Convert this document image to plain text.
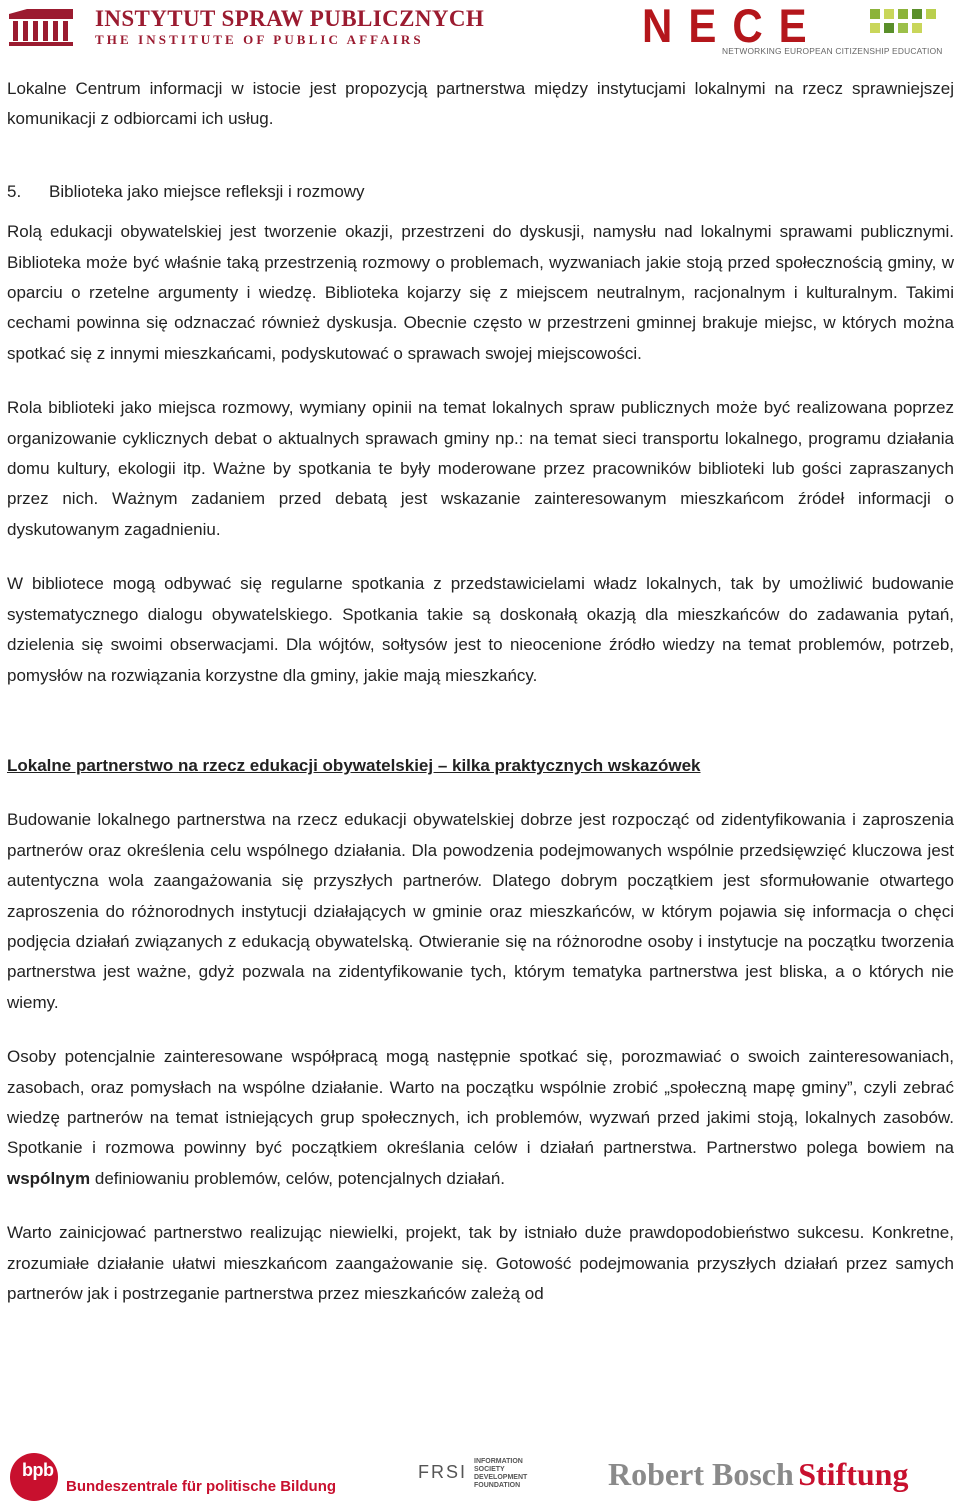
INSTYTUT SPRAW PUBLICZNYCH
THE INSTITUTE OF PUBLIC AFFAIRS	NECE	★
NETWORKING EUROPEAN CITIZENSHIP EDUCATION

Lokalne Centrum informacji w istocie jest propozycją partnerstwa między instytucjami lokalnymi na rzecz sprawniejszej komunikacji z odbiorcami ich usług.

5. Biblioteka jako miejsce refleksji i rozmowy

Rolą edukacji obywatelskiej jest tworzenie okazji, przestrzeni do dyskusji, namysłu nad lokalnymi sprawami publicznymi. Biblioteka może być właśnie taką przestrzenią rozmowy o problemach, wyzwaniach jakie stoją przed społecznością gminy, w oparciu o rzetelne argumenty i wiedzę. Biblioteka kojarzy się z miejscem neutralnym, racjonalnym i kulturalnym. Takimi cechami powinna się odznaczać również dyskusja. Obecnie często w przestrzeni gminnej brakuje miejsc, w których można spotkać się z innymi mieszkańcami, podyskutować o sprawach swojej miejscowości.

Rola biblioteki jako miejsca rozmowy, wymiany opinii na temat lokalnych spraw publicznych może być realizowana poprzez organizowanie cyklicznych debat o aktualnych sprawach gminy np.: na temat sieci transportu lokalnego, programu działania domu kultury, ekologii itp. Ważne by spotkania te były moderowane przez pracowników biblioteki lub gości zapraszanych przez nich. Ważnym zadaniem przed debatą jest wskazanie zainteresowanym mieszkańcom źródeł informacji o dyskutowanym zagadnieniu.

W bibliotece mogą odbywać się regularne spotkania z przedstawicielami władz lokalnych, tak by umożliwić budowanie systematycznego dialogu obywatelskiego. Spotkania takie są doskonałą okazją dla mieszkańców do zadawania pytań, dzielenia się swoimi obserwacjami. Dla wójtów, sołtysów jest to nieocenione źródło wiedzy na temat problemów, potrzeb, pomysłów na rozwiązania korzystne dla gminy, jakie mają mieszkańcy.

Lokalne partnerstwo na rzecz edukacji obywatelskiej – kilka praktycznych wskazówek

Budowanie lokalnego partnerstwa na rzecz edukacji obywatelskiej dobrze jest rozpocząć od zidentyfikowania i zaproszenia partnerów oraz określenia celu wspólnego działania. Dla powodzenia podejmowanych wspólnie przedsięwzięć kluczowa jest autentyczna wola zaangażowania się przyszłych partnerów. Dlatego dobrym początkiem jest sformułowanie otwartego zaproszenia do różnorodnych instytucji działających w gminie oraz mieszkańców, w którym pojawia się informacja o chęci podjęcia działań związanych z edukacją obywatelską. Otwieranie się na różnorodne osoby i instytucje na początku tworzenia partnerstwa jest ważne, gdyż pozwala na zidentyfikowanie tych, którym tematyka partnerstwa jest bliska, a o których nie wiemy.

Osoby potencjalnie zainteresowane współpracą mogą następnie spotkać się, porozmawiać o swoich zainteresowaniach, zasobach, oraz pomysłach na wspólne działanie. Warto na początku wspólnie zrobić „społeczną mapę gminy”, czyli zebrać wiedzę partnerów na temat istniejących grup społecznych, ich problemów, wyzwań przed jakimi stoją, lokalnych zasobów. Spotkanie i rozmowa powinny być początkiem określania celów i działań partnerstwa. Partnerstwo polega bowiem na wspólnym definiowaniu problemów, celów, potencjalnych działań.

Warto zainicjować partnerstwo realizując niewielki, projekt, tak by istniało duże prawdopodobieństwo sukcesu. Konkretne, zrozumiałe działanie ułatwi mieszkańcom zaangażowanie się. Gotowość podejmowania przyszłych działań przez samych partnerów jak i postrzeganie partnerstwa przez mieszkańców zależą od

bpb
Bundeszentrale für politische Bildung
FRSI
INFORMATION SOCIETY DEVELOPMENT FOUNDATION	Robert Bosch Stiftung
